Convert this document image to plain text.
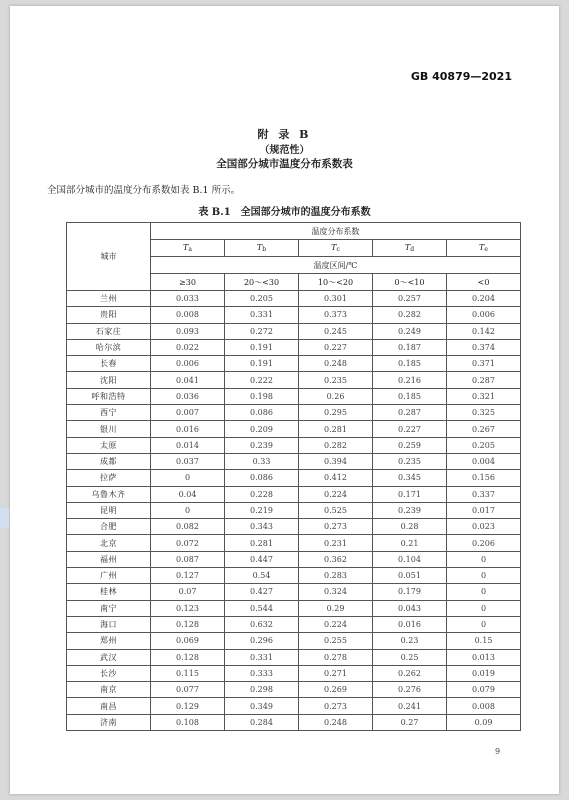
GB 40879—2021
附 录 B
（规范性）
全国部分城市温度分布系数表
全国部分城市的温度分布系数如表 B.1 所示。
表 B.1　全国部分城市的温度分布系数
城市	温度分布系数				
	Ta	Tb	Tc	Td	Te
	温度区间/℃				
	≥30	20～<30	10～<20	0～<10	<0
兰州	0.033	0.205	0.301	0.257	0.204
贵阳	0.008	0.331	0.373	0.282	0.006
石家庄	0.093	0.272	0.245	0.249	0.142
哈尔滨	0.022	0.191	0.227	0.187	0.374
长春	0.006	0.191	0.248	0.185	0.371
沈阳	0.041	0.222	0.235	0.216	0.287
呼和浩特	0.036	0.198	0.26	0.185	0.321
西宁	0.007	0.086	0.295	0.287	0.325
银川	0.016	0.209	0.281	0.227	0.267
太原	0.014	0.239	0.282	0.259	0.205
成都	0.037	0.33	0.394	0.235	0.004
拉萨	0	0.086	0.412	0.345	0.156
乌鲁木齐	0.04	0.228	0.224	0.171	0.337
昆明	0	0.219	0.525	0.239	0.017
合肥	0.082	0.343	0.273	0.28	0.023
北京	0.072	0.281	0.231	0.21	0.206
福州	0.087	0.447	0.362	0.104	0
广州	0.127	0.54	0.283	0.051	0
桂林	0.07	0.427	0.324	0.179	0
南宁	0.123	0.544	0.29	0.043	0
海口	0.128	0.632	0.224	0.016	0
郑州	0.069	0.296	0.255	0.23	0.15
武汉	0.128	0.331	0.278	0.25	0.013
长沙	0.115	0.333	0.271	0.262	0.019
南京	0.077	0.298	0.269	0.276	0.079
南昌	0.129	0.349	0.273	0.241	0.008
济南	0.108	0.284	0.248	0.27	0.09
9
